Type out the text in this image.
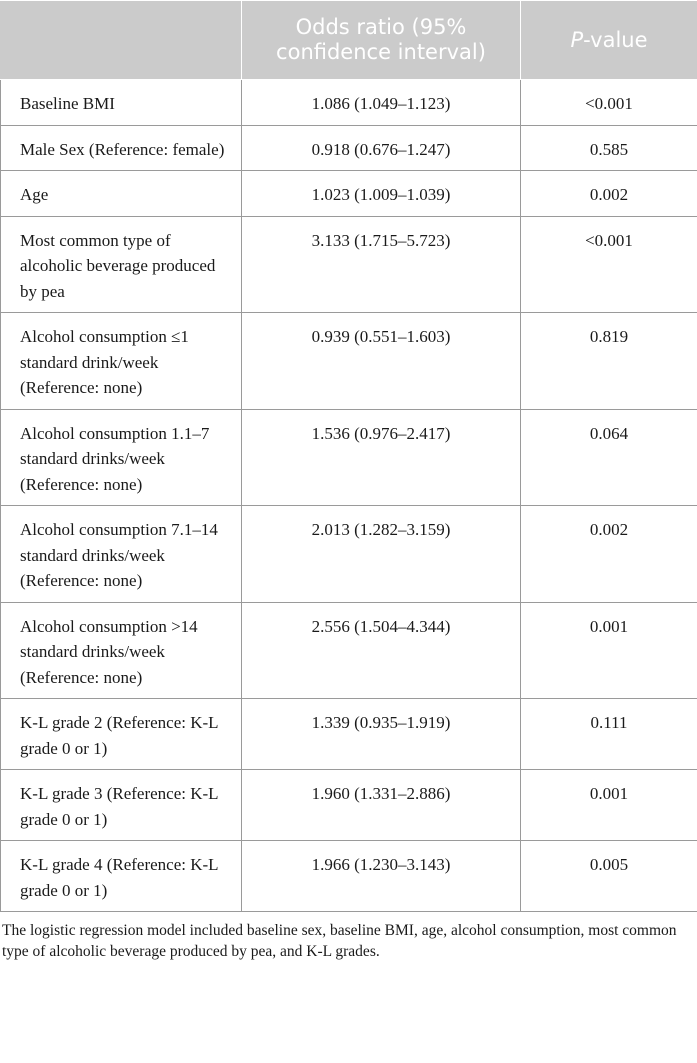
	Odds ratio (95% confidence interval)	P-value
Baseline BMI	1.086 (1.049–1.123)	<0.001
Male Sex (Reference: female)	0.918 (0.676–1.247)	0.585
Age	1.023 (1.009–1.039)	0.002
Most common type of alcoholic beverage produced by pea	3.133 (1.715–5.723)	<0.001
Alcohol consumption ≤1 standard drink/week (Reference: none)	0.939 (0.551–1.603)	0.819
Alcohol consumption 1.1–7 standard drinks/week (Reference: none)	1.536 (0.976–2.417)	0.064
Alcohol consumption 7.1–14 standard drinks/week (Reference: none)	2.013 (1.282–3.159)	0.002
Alcohol consumption >14 standard drinks/week (Reference: none)	2.556 (1.504–4.344)	0.001
K-L grade 2 (Reference: K-L grade 0 or 1)	1.339 (0.935–1.919)	0.111
K-L grade 3 (Reference: K-L grade 0 or 1)	1.960 (1.331–2.886)	0.001
K-L grade 4 (Reference: K-L grade 0 or 1)	1.966 (1.230–3.143)	0.005
The logistic regression model included baseline sex, baseline BMI, age, alcohol consumption, most common type of alcoholic beverage produced by pea, and K-L grades.
